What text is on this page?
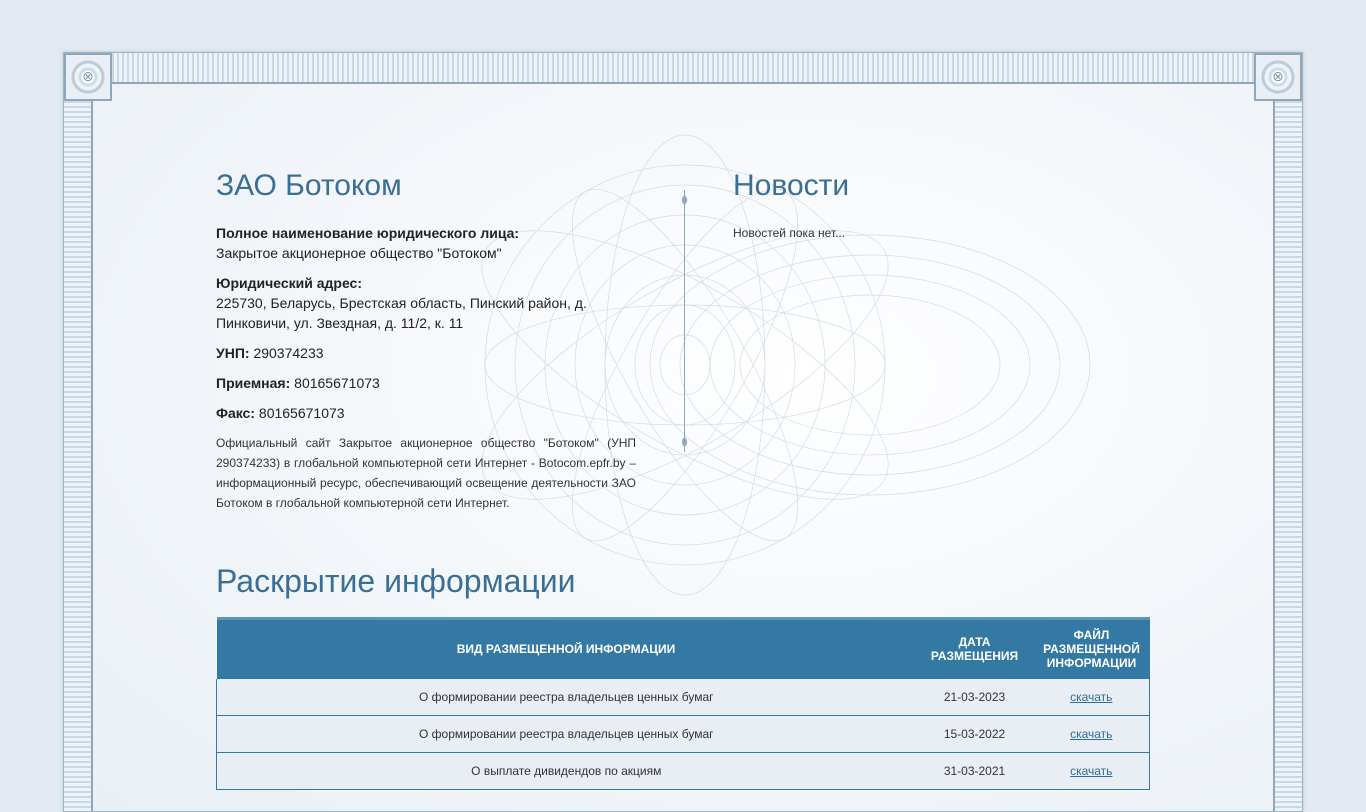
⊗	⊗
ЗАО Ботоком
Полное наименование юридического лица:
Закрытое акционерное общество "Ботоком"
Юридический адрес:
225730, Беларусь, Брестская область, Пинский район, д. Пинковичи, ул. Звездная, д. 11/2, к. 11
УНП: 290374233
Приемная: 80165671073
Факс: 80165671073

Официальный сайт Закрытое акционерное общество "Ботоком" (УНП 290374233) в глобальной компьютерной сети Интернет - Botocom.epfr.by – информационный ресурс, обеспечивающий освещение деятельности ЗАО Ботоком в глобальной компьютерной сети Интернет.

Новости

Новостей пока нет...

Раскрытие информации
ВИД РАЗМЕЩЕННОЙ ИНФОРМАЦИИ	ДАТА РАЗМЕЩЕНИЯ	ФАЙЛ РАЗМЕЩЕННОЙ ИНФОРМАЦИИ
О формировании реестра владельцев ценных бумаг	21-03-2023	скачать
О формировании реестра владельцев ценных бумаг	15-03-2022	скачать
О выплате дивидендов по акциям	31-03-2021	скачать
